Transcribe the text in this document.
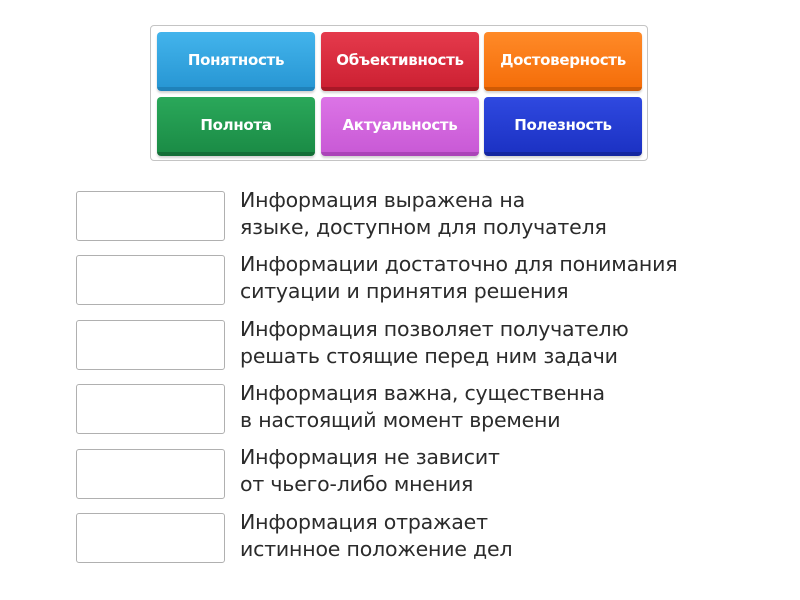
Понятность	Объективность	Достоверность
Полнота	Актуальность	Полезность
Информация выражена на
языке, доступном для получателя
Информации достаточно для понимания
ситуации и принятия решения
Информация позволяет получателю
решать стоящие перед ним задачи
Информация важна, существенна
в настоящий момент времени
Информация не зависит
от чьего-либо мнения
Информация отражает
истинное положение дел
